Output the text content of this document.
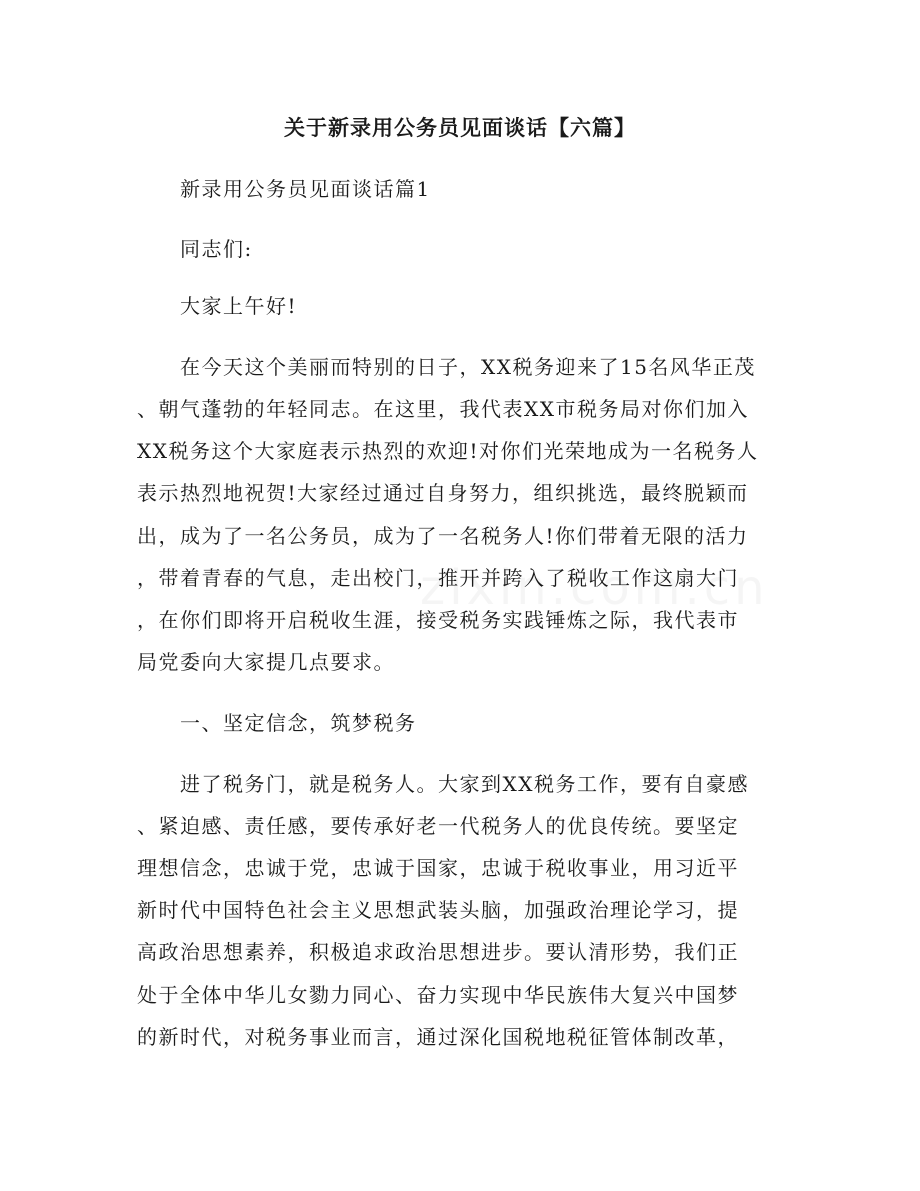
关于新录用公务员见面谈话【六篇】
新录用公务员见面谈话篇1
同志们:
大家上午好!
在今天这个美丽而特别的日子，XX税务迎来了15名风华正茂
、朝气蓬勃的年轻同志。在这里，我代表XX市税务局对你们加入
XX税务这个大家庭表示热烈的欢迎!对你们光荣地成为一名税务人
表示热烈地祝贺!大家经过通过自身努力，组织挑选，最终脱颖而
出，成为了一名公务员，成为了一名税务人!你们带着无限的活力
，带着青春的气息，走出校门，推开并跨入了税收工作这扇大门
，在你们即将开启税收生涯，接受税务实践锤炼之际，我代表市
局党委向大家提几点要求。
一、坚定信念，筑梦税务
进了税务门，就是税务人。大家到XX税务工作，要有自豪感
、紧迫感、责任感，要传承好老一代税务人的优良传统。要坚定
理想信念，忠诚于党，忠诚于国家，忠诚于税收事业，用习近平
新时代中国特色社会主义思想武装头脑，加强政治理论学习，提
高政治思想素养，积极追求政治思想进步。要认清形势，我们正
处于全体中华儿女勠力同心、奋力实现中华民族伟大复兴中国梦
的新时代，对税务事业而言，通过深化国税地税征管体制改革，
